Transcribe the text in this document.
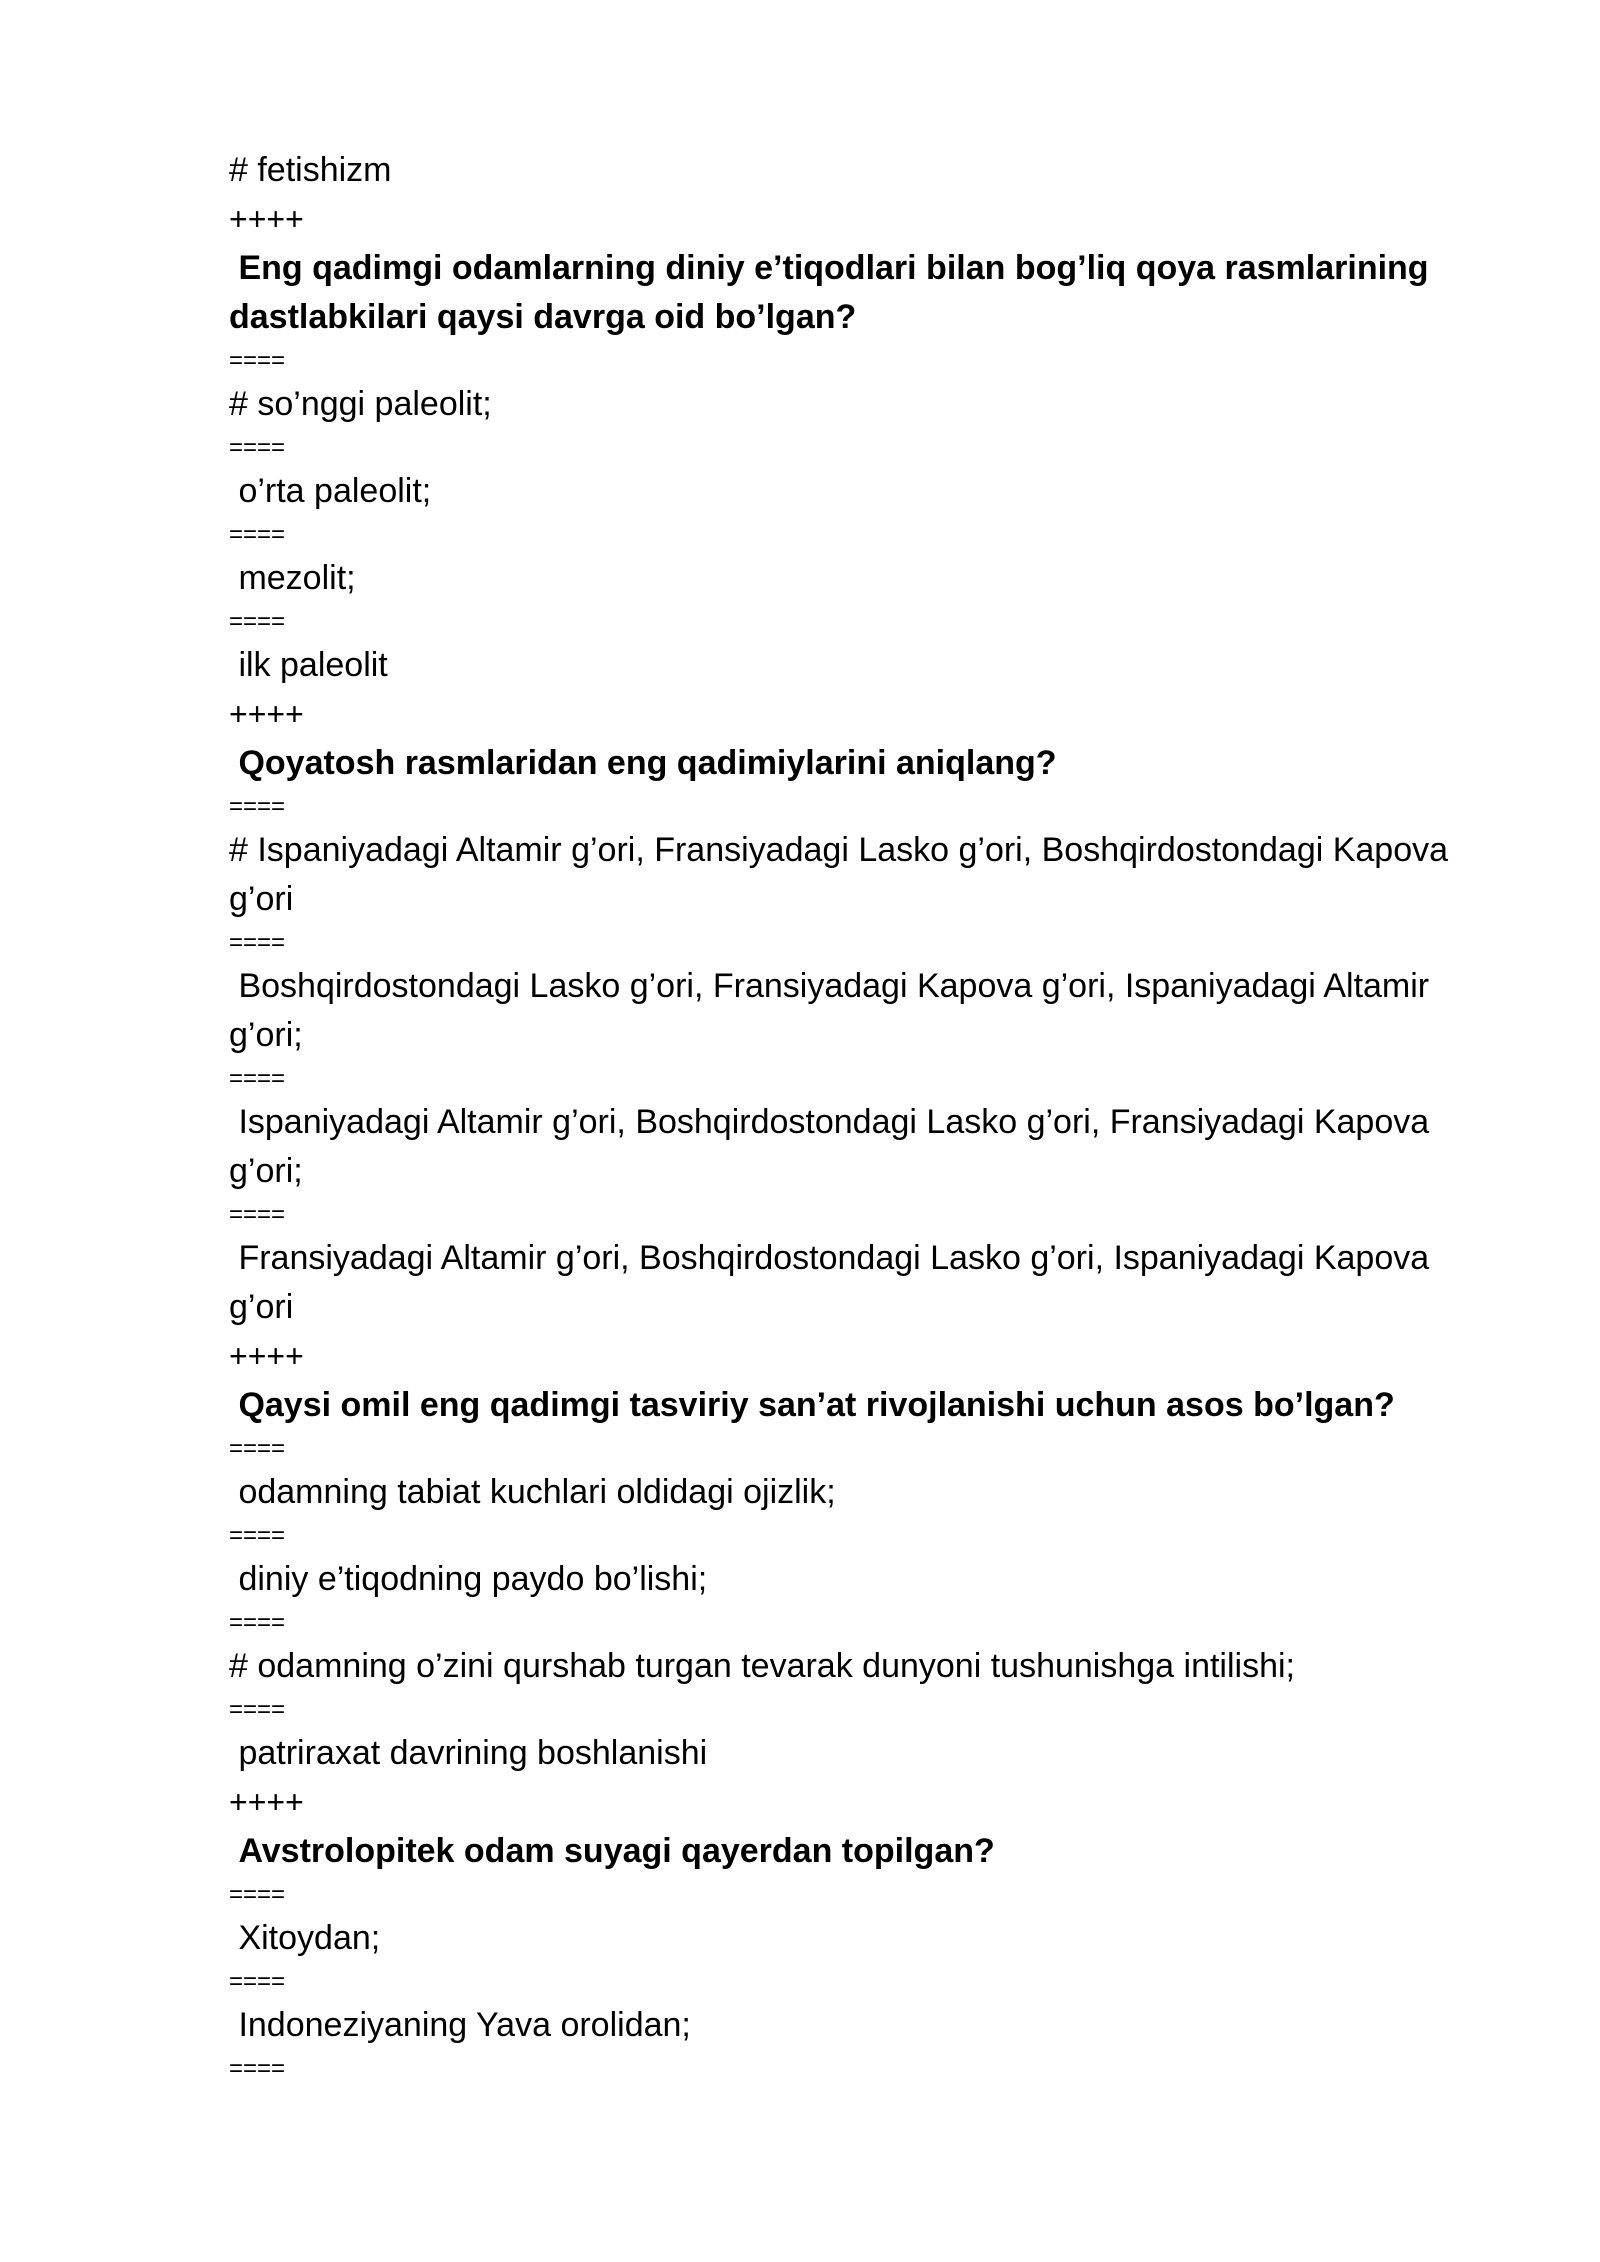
# fetishizm

++++

Eng qadimgi odamlarning diniy e’tiqodlari bilan bog’liq qoya rasmlarining dastlabkilari qaysi davrga oid bo’lgan?

====

# so’nggi paleolit;

====

o’rta paleolit;

====

mezolit;

====

ilk paleolit

++++

Qoyatosh rasmlaridan eng qadimiylarini aniqlang?

====

# Ispaniyadagi Altamir g’ori, Fransiyadagi Lasko g’ori, Boshqirdostondagi Kapova g’ori

====

Boshqirdostondagi Lasko g’ori, Fransiyadagi Kapova g’ori, Ispaniyadagi Altamir g’ori;

====

Ispaniyadagi Altamir g’ori, Boshqirdostondagi Lasko g’ori, Fransiyadagi Kapova g’ori;

====

Fransiyadagi Altamir g’ori, Boshqirdostondagi Lasko g’ori, Ispaniyadagi Kapova g’ori

++++

Qaysi omil eng qadimgi tasviriy san’at rivojlanishi uchun asos bo’lgan?

====

odamning tabiat kuchlari oldidagi ojizlik;

====

diniy e’tiqodning paydo bo’lishi;

====

# odamning o’zini qurshab turgan tevarak dunyoni tushunishga intilishi;

====

patriraxat davrining boshlanishi

++++

Avstrolopitek odam suyagi qayerdan topilgan?

====

Xitoydan;

====

Indoneziyaning Yava orolidan;

====
